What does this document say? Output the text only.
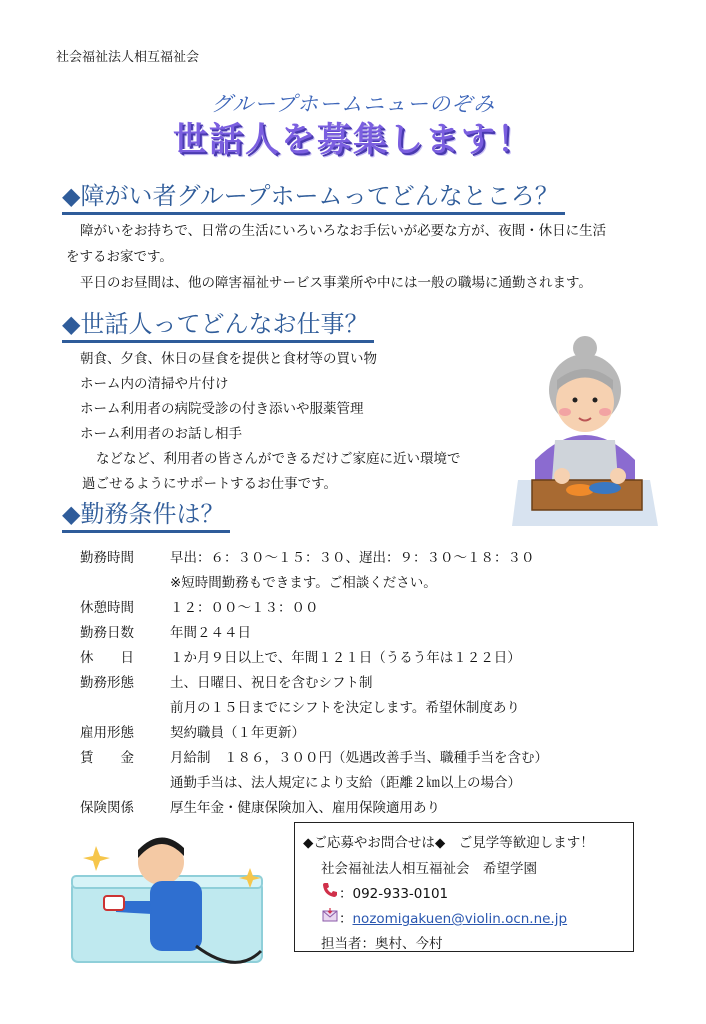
社会福祉法人相互福祉会
グループホームニューのぞみ
世話人を募集します！
◆障がい者グループホームってどんなところ？
障がいをお持ちで、日常の生活にいろいろなお手伝いが必要な方が、夜間・休日に生活
をするお家です。
平日のお昼間は、他の障害福祉サービス事業所や中には一般の職場に通勤されます。
◆世話人ってどんなお仕事？
朝食、夕食、休日の昼食を提供と食材等の買い物
ホーム内の清掃や片付け
ホーム利用者の病院受診の付き添いや服薬管理
ホーム利用者のお話し相手
などなど、利用者の皆さんができるだけご家庭に近い環境で
過ごせるようにサポートするお仕事です。
◆勤務条件は？
勤務時間	早出：６：３０～１５：３０、遅出：９：３０～１８：３０
※短時間勤務もできます。ご相談ください。
休憩時間	１２：００～１３：００
勤務日数	年間２４４日
休　　日	１か月９日以上で、年間１２１日（うるう年は１２２日）
勤務形態	土、日曜日、祝日を含むシフト制
前月の１５日までにシフトを決定します。希望休制度あり
雇用形態	契約職員（１年更新）
賃　　金	月給制　１８６，３００円（処遇改善手当、職種手当を含む）
通勤手当は、法人規定により支給（距離２㎞以上の場合）
保険関係	厚生年金・健康保険加入、雇用保険適用あり
◆ご応募やお問合せは◆　ご見学等歓迎します！
社会福祉法人相互福祉会　希望学園
：092-933-0101
：nozomigakuen@violin.ocn.ne.jp
担当者：奥村、今村
